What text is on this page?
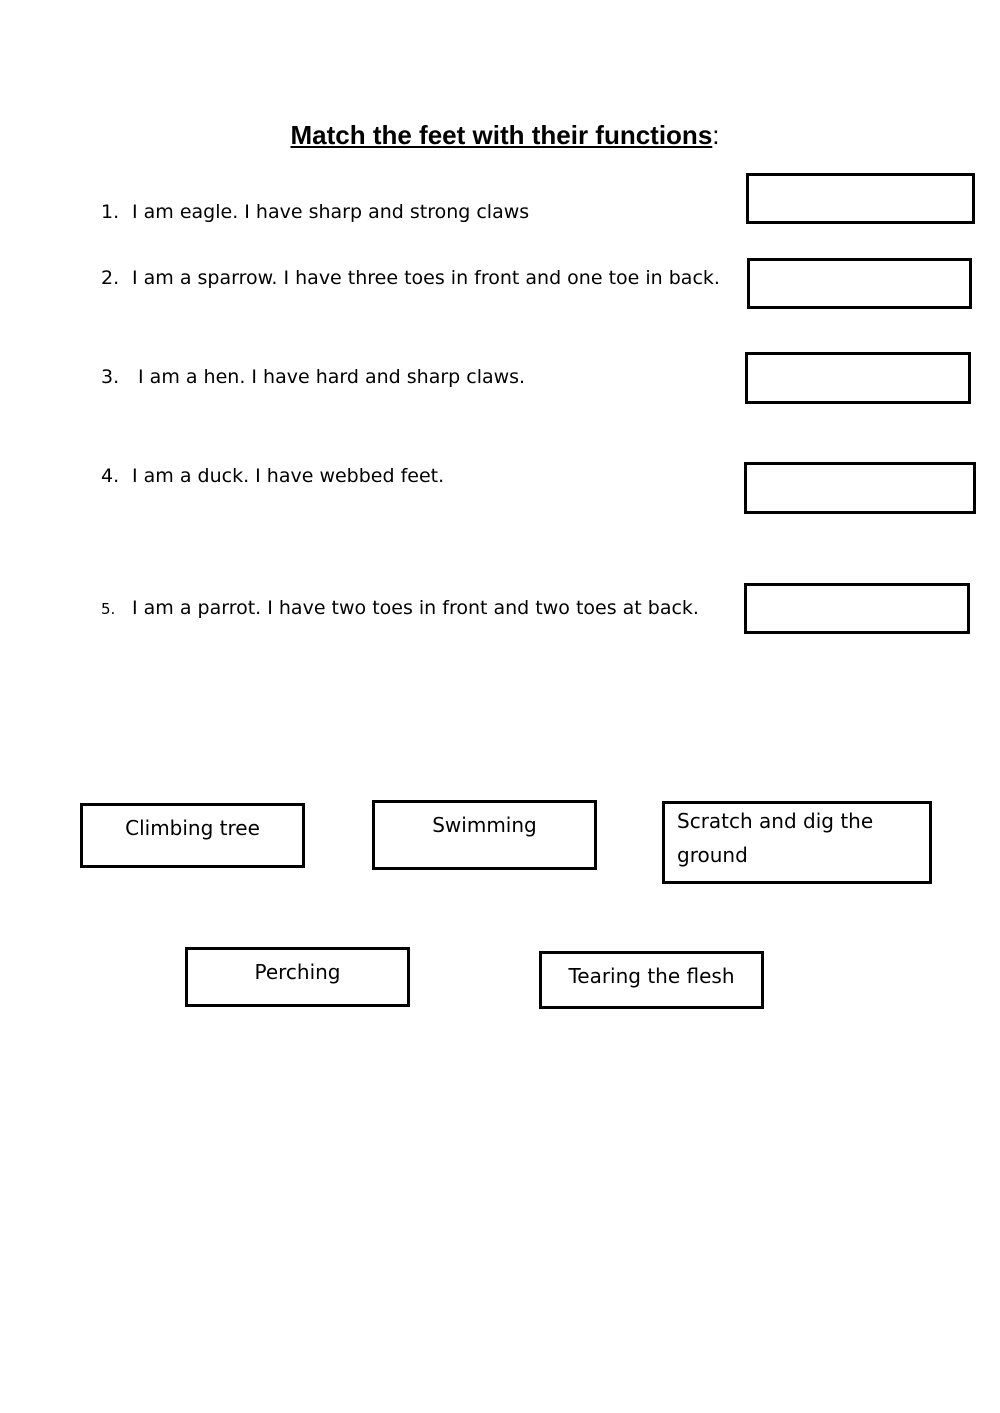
Match the feet with their functions:
1. I am eagle. I have sharp and strong claws
2. I am a sparrow. I have three toes in front and one toe in back.
3. I am a hen. I have hard and sharp claws.
4. I am a duck. I have webbed feet.
5. I am a parrot. I have two toes in front and two toes at back.
Climbing tree	Swimming	Scratch and dig the ground
Perching	Tearing the flesh
